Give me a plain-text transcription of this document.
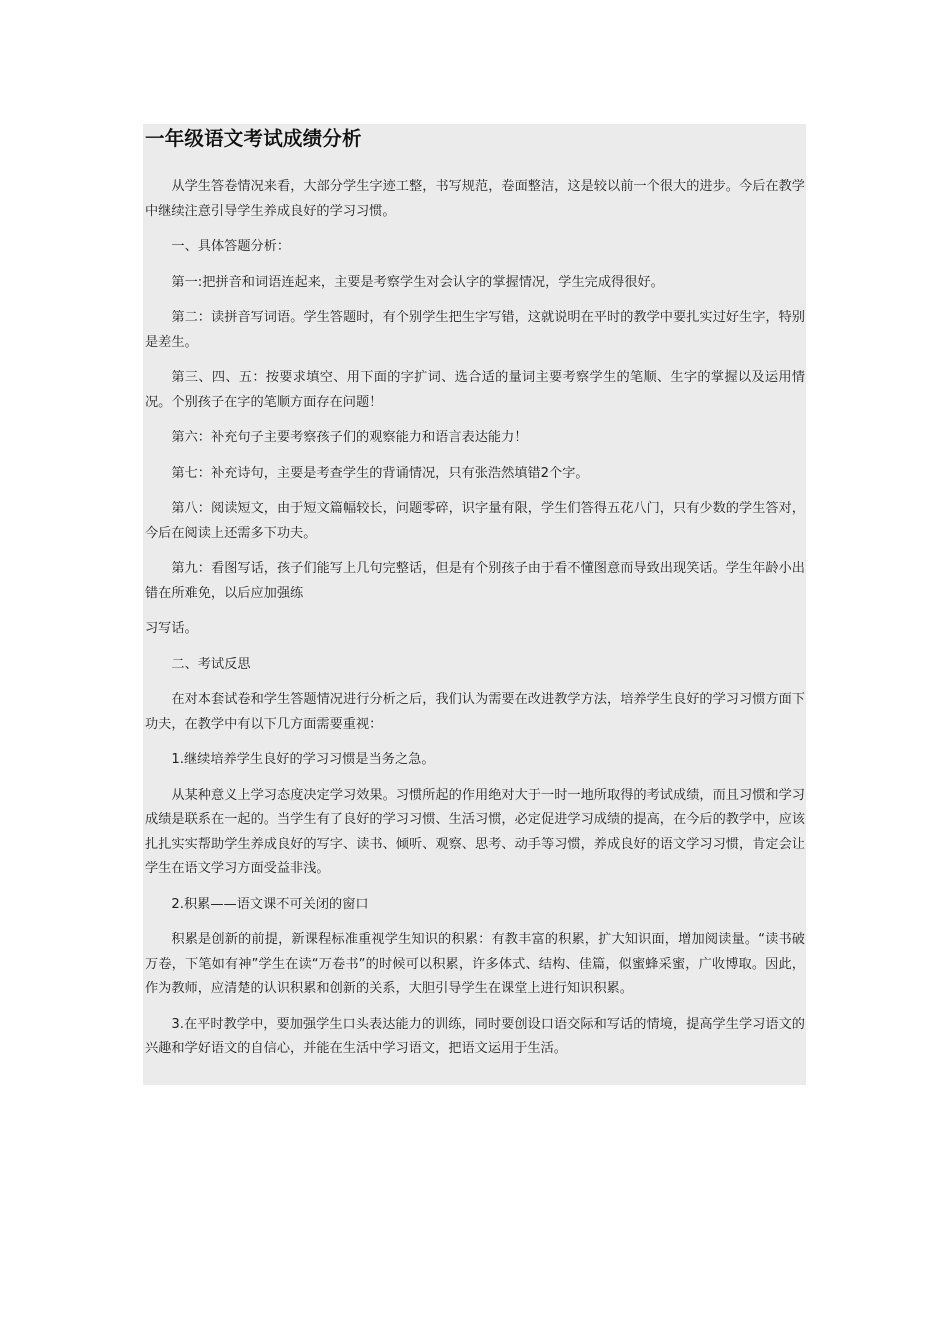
一年级语文考试成绩分析

从学生答卷情况来看，大部分学生字迹工整，书写规范，卷面整洁，这是较以前一个很大的进步。今后在教学中继续注意引导学生养成良好的学习习惯。

一、具体答题分析：

第一:把拼音和词语连起来，主要是考察学生对会认字的掌握情况，学生完成得很好。

第二：读拼音写词语。学生答题时，有个别学生把生字写错，这就说明在平时的教学中要扎实过好生字，特别是差生。

第三、四、五：按要求填空、用下面的字扩词、选合适的量词主要考察学生的笔顺、生字的掌握以及运用情况。个别孩子在字的笔顺方面存在问题！

第六：补充句子主要考察孩子们的观察能力和语言表达能力！

第七：补充诗句，主要是考查学生的背诵情况，只有张浩然填错2个字。

第八：阅读短文，由于短文篇幅较长，问题零碎，识字量有限，学生们答得五花八门，只有少数的学生答对，今后在阅读上还需多下功夫。

第九：看图写话，孩子们能写上几句完整话，但是有个别孩子由于看不懂图意而导致出现笑话。学生年龄小出错在所难免，以后应加强练

习写话。

二、考试反思

在对本套试卷和学生答题情况进行分析之后，我们认为需要在改进教学方法，培养学生良好的学习习惯方面下功夫，在教学中有以下几方面需要重视：

1.继续培养学生良好的学习习惯是当务之急。

从某种意义上学习态度决定学习效果。习惯所起的作用绝对大于一时一地所取得的考试成绩，而且习惯和学习成绩是联系在一起的。当学生有了良好的学习习惯、生活习惯，必定促进学习成绩的提高，在今后的教学中，应该扎扎实实帮助学生养成良好的写字、读书、倾听、观察、思考、动手等习惯，养成良好的语文学习习惯，肯定会让学生在语文学习方面受益非浅。

2.积累——语文课不可关闭的窗口

积累是创新的前提，新课程标准重视学生知识的积累：有教丰富的积累，扩大知识面，增加阅读量。“读书破万卷，下笔如有神”学生在读“万卷书”的时候可以积累，许多体式、结构、佳篇，似蜜蜂采蜜，广收博取。因此，作为教师，应清楚的认识积累和创新的关系，大胆引导学生在课堂上进行知识积累。

3.在平时教学中，要加强学生口头表达能力的训练，同时要创设口语交际和写话的情境，提高学生学习语文的兴趣和学好语文的自信心，并能在生活中学习语文，把语文运用于生活。
